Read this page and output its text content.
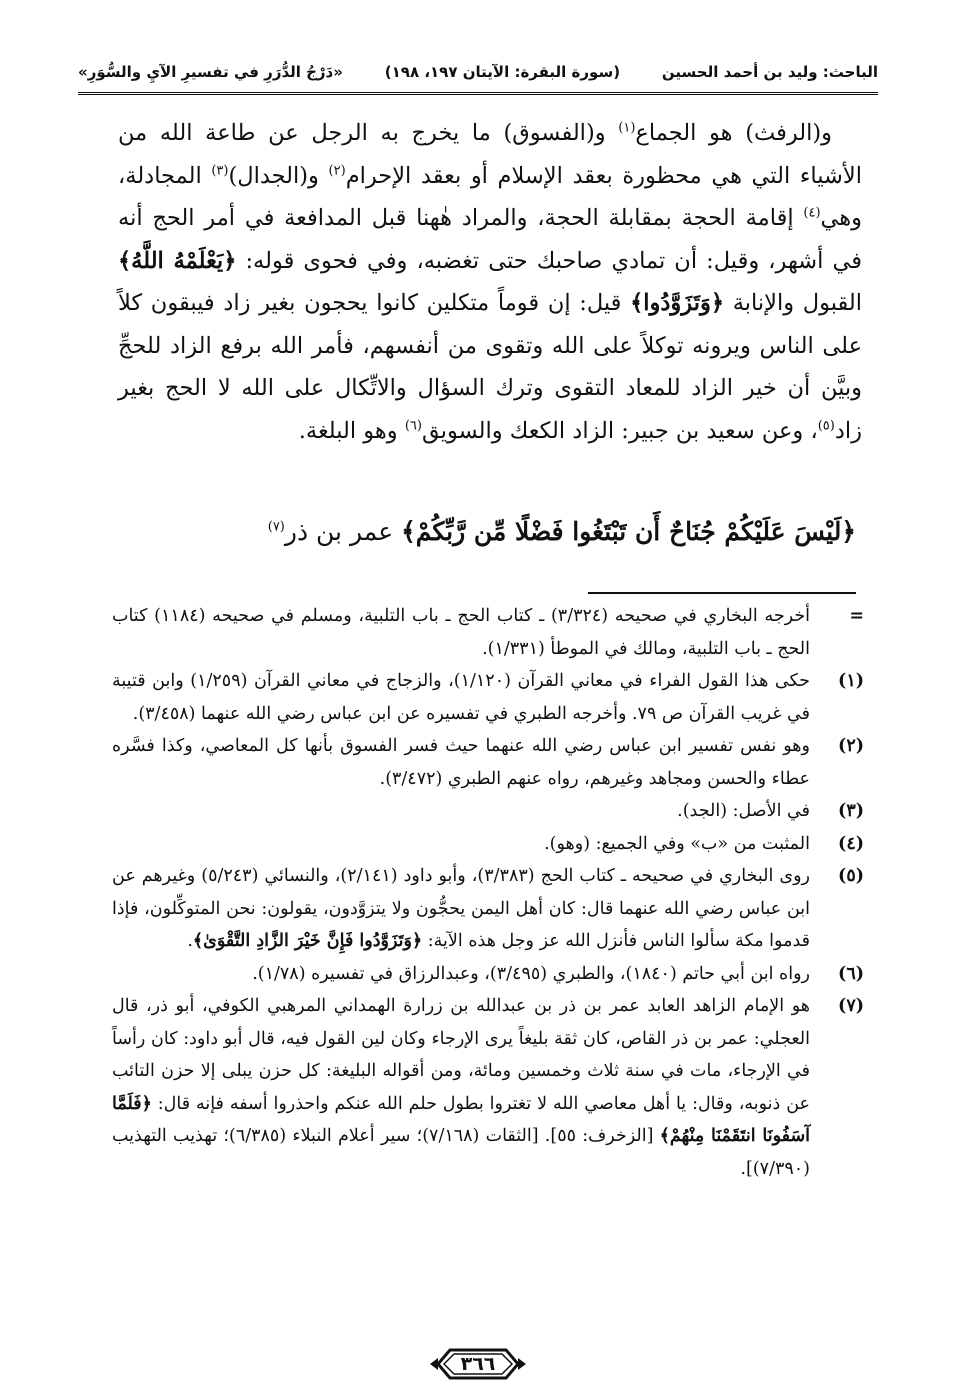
الباحث: وليد بن أحمد الحسين
(سورة البقرة: الآيتان ١٩٧، ١٩٨)
«دَرْجُ الدُّرَرِ في تفسيرِ الآيِ والسُّوَرِ»

و(الرفث) هو الجماع$^{(١)}$ و(الفسوق) ما يخرج به الرجل عن طاعة الله من الأشياء التي هي محظورة بعقد الإسلام أو بعقد الإحرام$^{(٢)}$ و(الجدال)$^{(٣)}$ المجادلة، وهي$^{(٤)}$ إقامة الحجة بمقابلة الحجة، والمراد هٰهنا قبل المدافعة في أمر الحج أنه في أشهر، وقيل: أن تمادي صاحبك حتى تغضبه، وفي فحوى قوله: ﴿يَعْلَمْهُ اللَّهُ﴾ القبول والإنابة ﴿وَتَزَوَّدُوا﴾ قيل: إن قوماً متكلين كانوا يحجون بغير زاد فيبقون كلاً على الناس ويرونه توكلاً على الله وتقوى من أنفسهم، فأمر الله برفع الزاد للحجِّ وبيَّن أن خير الزاد للمعاد التقوى وترك السؤال والاتِّكال على الله لا الحج بغير زاد$^{(٥)}$، وعن سعيد بن جبير: الزاد الكعك والسويق$^{(٦)}$ وهو البلغة.

﴿لَيْسَ عَلَيْكُمْ جُنَاحٌ أَن تَبْتَغُوا فَضْلًا مِّن رَّبِّكُمْ﴾ عمر بن ذر$^{(٧)}$
=
أخرجه البخاري في صحيحه (٣/٣٢٤) ـ كتاب الحج ـ باب التلبية، ومسلم في صحيحه (١١٨٤) كتاب الحج ـ باب التلبية، ومالك في الموطأ (١/٣٣١).
(١)
حكى هذا القول الفراء في معاني القرآن (١/١٢٠)، والزجاج في معاني القرآن (١/٢٥٩) وابن قتيبة في غريب القرآن ص ٧٩. وأخرجه الطبري في تفسيره عن ابن عباس رضي الله عنهما (٣/٤٥٨).
(٢)
وهو نفس تفسير ابن عباس رضي الله عنهما حيث فسر الفسوق بأنها كل المعاصي، وكذا فسَّره عطاء والحسن ومجاهد وغيرهم، رواه عنهم الطبري (٣/٤٧٢).
(٣)
في الأصل: (الجد).
(٤)
المثبت من «ب» وفي الجميع: (وهو).
(٥)
روى البخاري في صحيحه ـ كتاب الحج (٣/٣٨٣)، وأبو داود (٢/١٤١)، والنسائي (٥/٢٤٣) وغيرهم عن ابن عباس رضي الله عنهما قال: كان أهل اليمن يحجُّون ولا يتزوَّدون، يقولون: نحن المتوكِّلون، فإذا قدموا مكة سألوا الناس فأنزل الله عز وجل هذه الآية: ﴿وَتَزَوَّدُوا فَإِنَّ خَيْرَ الزَّادِ التَّقْوَىٰ﴾.
(٦)
رواه ابن أبي حاتم (١٨٤٠)، والطبري (٣/٤٩٥)، وعبدالرزاق في تفسيره (١/٧٨).
(٧)
هو الإمام الزاهد العابد عمر بن ذر بن عبدالله بن زرارة الهمداني المرهبي الكوفي، أبو ذر، قال العجلي: عمر بن ذر القاص، كان ثقة بليغاً يرى الإرجاء وكان لين القول فيه، قال أبو داود: كان رأساً في الإرجاء، مات في سنة ثلاث وخمسين ومائة، ومن أقواله البليغة: كل حزن يبلى إلا حزن التائب عن ذنوبه، وقال: يا أهل معاصي الله لا تغتروا بطول حلم الله عنكم واحذروا أسفه فإنه قال: ﴿فَلَمَّا آسَفُونَا انتَقَمْنَا مِنْهُمْ﴾ [الزخرف: ٥٥]. [الثقات (٧/١٦٨)؛ سير أعلام النبلاء (٦/٣٨٥)؛ تهذيب التهذيب (٧/٣٩٠)].
٣٦٦
